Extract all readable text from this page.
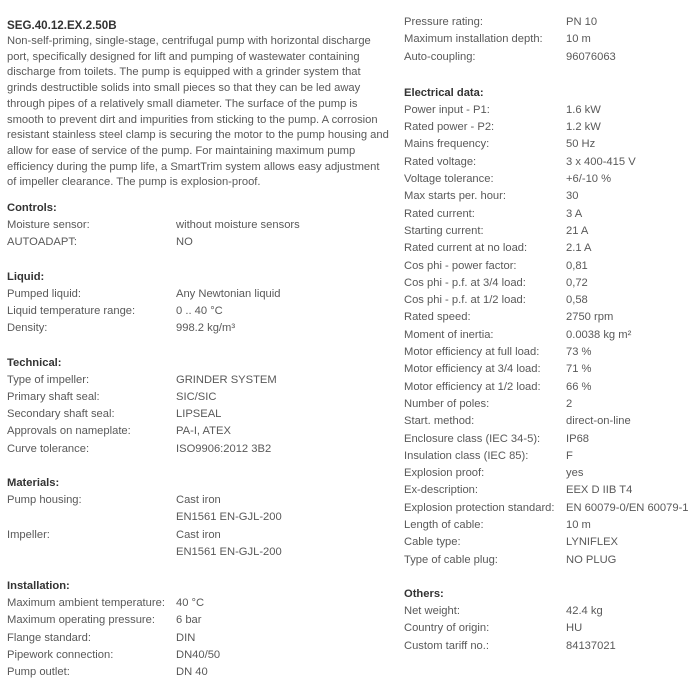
SEG.40.12.EX.2.50B

Non-self-priming, single-stage, centrifugal pump with horizontal discharge port, specifically designed for lift and pumping of wastewater containing discharge from toilets. The pump is equipped with a grinder system that grinds destructible solids into small pieces so that they can be led away through pipes of a relatively small diameter. The surface of the pump is smooth to prevent dirt and impurities from sticking to the pump. A corrosion resistant stainless steel clamp is securing the motor to the pump housing and allow for ease of service of the pump. For maintaining maximum pump efficiency during the pump life, a SmartTrim system allows easy adjustment of impeller clearance. The pump is explosion-proof.

Controls:
Moisture sensor:	without moisture sensors
AUTOADAPT:	NO
Liquid:
Pumped liquid:	Any Newtonian liquid
Liquid temperature range:	0 .. 40 °C
Density:	998.2 kg/m³
Technical:
Type of impeller:	GRINDER SYSTEM
Primary shaft seal:	SIC/SIC
Secondary shaft seal:	LIPSEAL
Approvals on nameplate:	PA-I, ATEX
Curve tolerance:	ISO9906:2012 3B2
Materials:
Pump housing:	Cast iron
EN1561 EN-GJL-200
Impeller:	Cast iron
EN1561 EN-GJL-200
Installation:
Maximum ambient temperature: 40 °C
Maximum operating pressure:	6 bar
Flange standard:	DIN
Pipework connection:	DN40/50
Pump outlet:	DN 40
Pressure rating:	PN 10
Maximum installation depth:	10 m
Auto-coupling:	96076063
Electrical data:
Power input - P1:	1.6 kW
Rated power - P2:	1.2 kW
Mains frequency:	50 Hz
Rated voltage:	3 x 400-415 V
Voltage tolerance:	+6/-10 %
Max starts per. hour:	30
Rated current:	3 A
Starting current:	21 A
Rated current at no load:	2.1 A
Cos phi - power factor:	0,81
Cos phi - p.f. at 3/4 load:	0,72
Cos phi - p.f. at 1/2 load:	0,58
Rated speed:	2750 rpm
Moment of inertia:	0.0038 kg m²
Motor efficiency at full load:	73 %
Motor efficiency at 3/4 load:	71 %
Motor efficiency at 1/2 load:	66 %
Number of poles:	2
Start. method:	direct-on-line
Enclosure class (IEC 34-5):	IP68
Insulation class (IEC 85):	F
Explosion proof:	yes
Ex-description:	EEX D IIB T4
Explosion protection standard:	EN 60079-0/EN 60079-1
Length of cable:	10 m
Cable type:	LYNIFLEX
Type of cable plug:	NO PLUG
Others:
Net weight:	42.4 kg
Country of origin:	HU
Custom tariff no.:	84137021
